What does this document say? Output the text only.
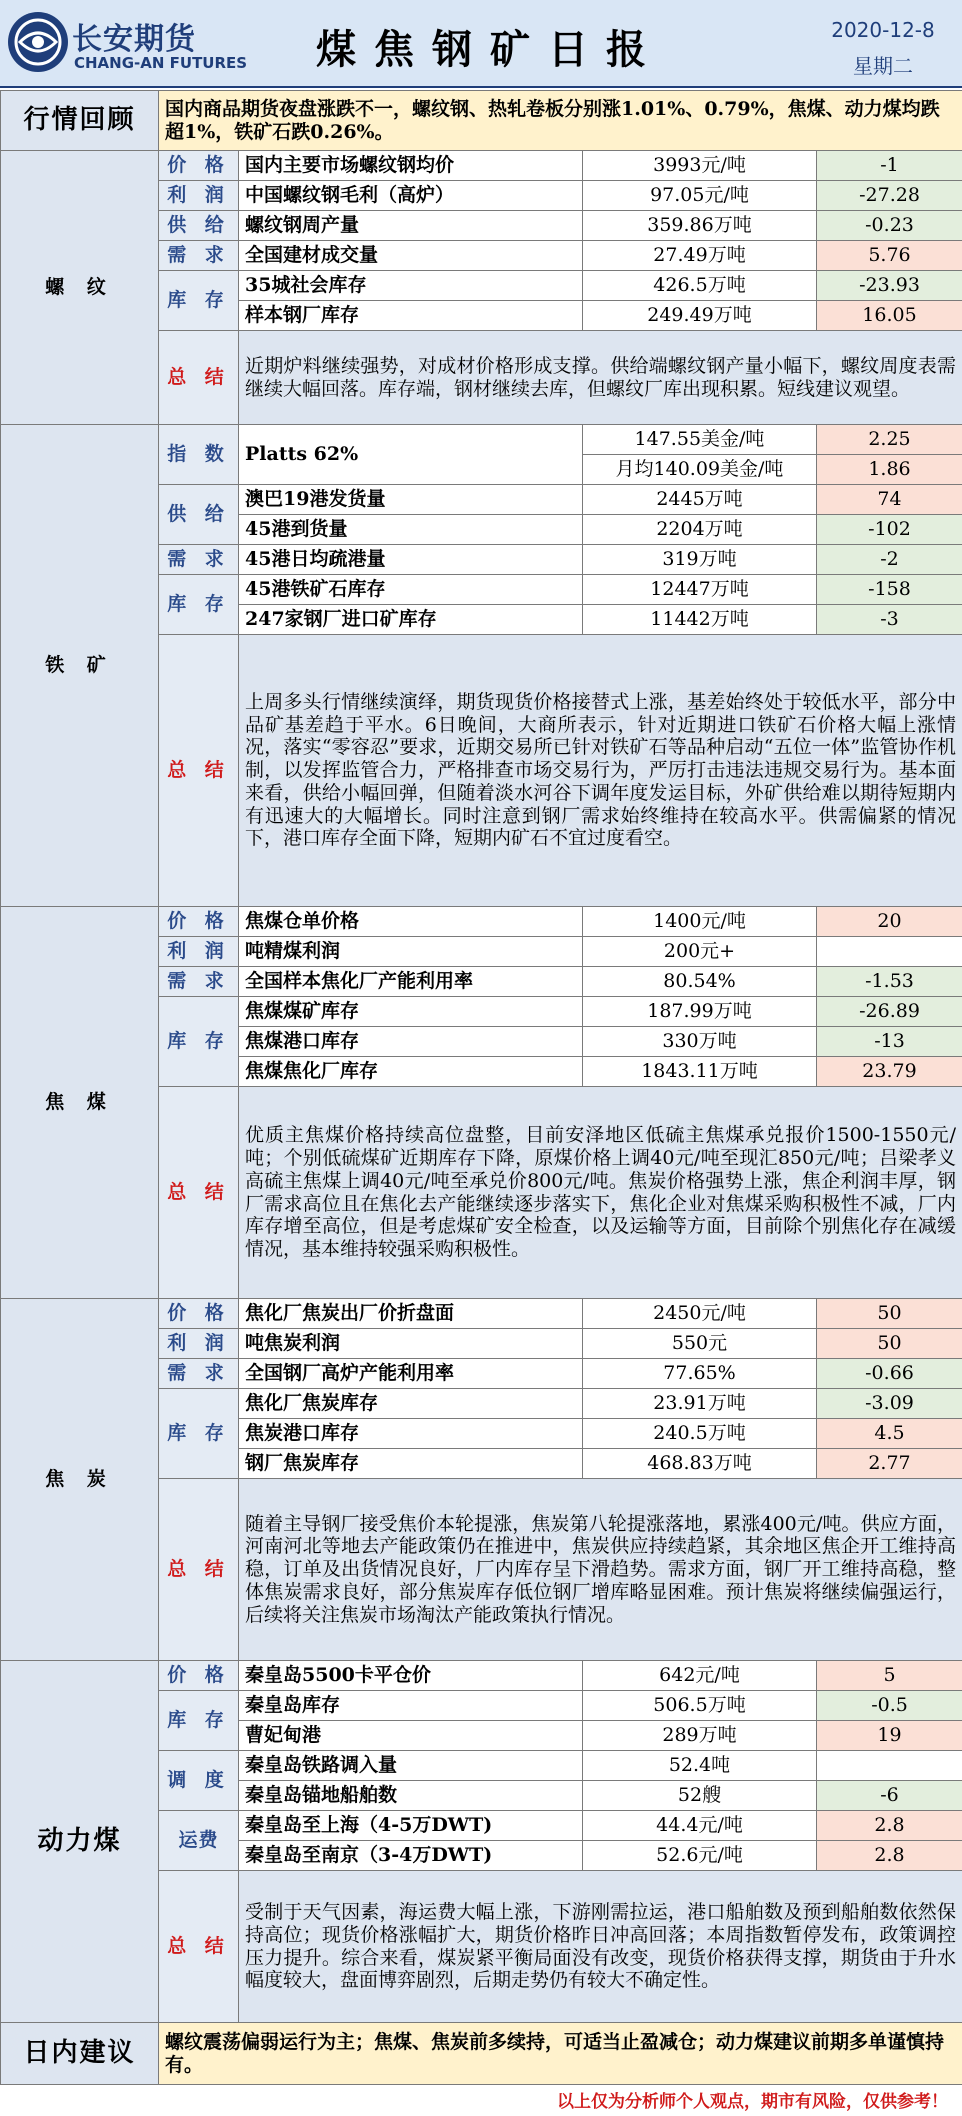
长安期货
CHANG-AN FUTURES	煤焦钢矿日报	2020-12-8
星期二
行情回顾	国内商品期货夜盘涨跌不一，螺纹钢、热轧卷板分别涨1.01%、0.79%，焦煤、动力煤均跌超1%，铁矿石跌0.26%。			
螺 纹	价 格	国内主要市场螺纹钢均价	3993元/吨	-1
	利 润	中国螺纹钢毛利（高炉）	97.05元/吨	-27.28
	供 给	螺纹钢周产量	359.86万吨	-0.23
	需 求	全国建材成交量	27.49万吨	5.76
	库 存	35城社会库存	426.5万吨	-23.93
		样本钢厂库存	249.49万吨	16.05
	总 结	近期炉料继续强势，对成材价格形成支撑。供给端螺纹钢产量小幅下，螺纹周度表需继续大幅回落。库存端，钢材继续去库，但螺纹厂库出现积累。短线建议观望。		
铁 矿	指 数	Platts 62%	147.55美金/吨	2.25
			月均140.09美金/吨	1.86
	供 给	澳巴19港发货量	2445万吨	74
		45港到货量	2204万吨	-102
	需 求	45港日均疏港量	319万吨	-2
	库 存	45港铁矿石库存	12447万吨	-158
		247家钢厂进口矿库存	11442万吨	-3
	总 结	上周多头行情继续演绎，期货现货价格接替式上涨，基差始终处于较低水平，部分中品矿基差趋于平水。6日晚间，大商所表示，针对近期进口铁矿石价格大幅上涨情况，落实“零容忍”要求，近期交易所已针对铁矿石等品种启动“五位一体”监管协作机制，以发挥监管合力，严格排查市场交易行为，严厉打击违法违规交易行为。基本面来看，供给小幅回弹，但随着淡水河谷下调年度发运目标，外矿供给难以期待短期内有迅速大的大幅增长。同时注意到钢厂需求始终维持在较高水平。供需偏紧的情况下，港口库存全面下降，短期内矿石不宜过度看空。		
焦 煤	价 格	焦煤仓单价格	1400元/吨	20
	利 润	吨精煤利润	200元+	
	需 求	全国样本焦化厂产能利用率	80.54%	-1.53
	库 存	焦煤煤矿库存	187.99万吨	-26.89
		焦煤港口库存	330万吨	-13
		焦煤焦化厂库存	1843.11万吨	23.79
	总 结	优质主焦煤价格持续高位盘整，目前安泽地区低硫主焦煤承兑报价1500-1550元/吨；个别低硫煤矿近期库存下降，原煤价格上调40元/吨至现汇850元/吨；吕梁孝义高硫主焦煤上调40元/吨至承兑价800元/吨。焦炭价格强势上涨，焦企利润丰厚，钢厂需求高位且在焦化去产能继续逐步落实下，焦化企业对焦煤采购积极性不减，厂内库存增至高位，但是考虑煤矿安全检查，以及运输等方面，目前除个别焦化存在减缓情况，基本维持较强采购积极性。		
焦 炭	价 格	焦化厂焦炭出厂价折盘面	2450元/吨	50
	利 润	吨焦炭利润	550元	50
	需 求	全国钢厂高炉产能利用率	77.65%	-0.66
	库 存	焦化厂焦炭库存	23.91万吨	-3.09
		焦炭港口库存	240.5万吨	4.5
		钢厂焦炭库存	468.83万吨	2.77
	总 结	随着主导钢厂接受焦价本轮提涨，焦炭第八轮提涨落地，累涨400元/吨。供应方面，河南河北等地去产能政策仍在推进中，焦炭供应持续趋紧，其余地区焦企开工维持高稳，订单及出货情况良好，厂内库存呈下滑趋势。需求方面，钢厂开工维持高稳，整体焦炭需求良好，部分焦炭库存低位钢厂增库略显困难。预计焦炭将继续偏强运行，后续将关注焦炭市场淘汰产能政策执行情况。		
动力煤	价 格	秦皇岛5500卡平仓价	642元/吨	5
	库 存	秦皇岛库存	506.5万吨	-0.5
		曹妃甸港	289万吨	19
	调 度	秦皇岛铁路调入量	52.4吨	
		秦皇岛锚地船舶数	52艘	-6
	运费	秦皇岛至上海（4-5万DWT)	44.4元/吨	2.8
		秦皇岛至南京（3-4万DWT)	52.6元/吨	2.8
	总 结	受制于天气因素，海运费大幅上涨，下游刚需拉运，港口船舶数及预到船舶数依然保持高位；现货价格涨幅扩大，期货价格昨日冲高回落；本周指数暂停发布，政策调控压力提升。综合来看，煤炭紧平衡局面没有改变，现货价格获得支撑，期货由于升水幅度较大，盘面博弈剧烈，后期走势仍有较大不确定性。		
日内建议	螺纹震荡偏弱运行为主；焦煤、焦炭前多续持，可适当止盈减仓；动力煤建议前期多单谨慎持有。			
以上仅为分析师个人观点，期市有风险，仅供参考！
